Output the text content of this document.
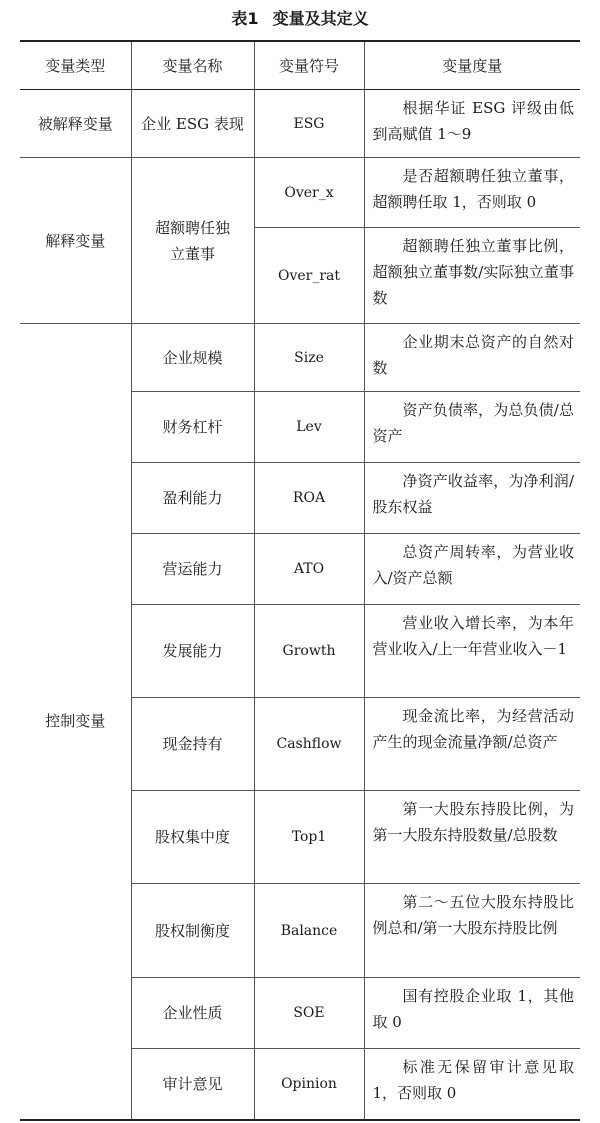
表1 变量及其定义
变量类型	变量名称	变量符号	变量度量
被解释变量	企业 ESG 表现	ESG	根据华证 ESG 评级由低到高赋值 1～9

解释变量	超额聘任独立董事	Over_x	是否超额聘任独立董事，超额聘任取 1，否则取 0

		Over_rat	超额聘任独立董事比例，超额独立董事数/实际独立董事数

控制变量	企业规模	Size	企业期末总资产的自然对数

	财务杠杆	Lev	资产负债率，为总负债/总资产

	盈利能力	ROA	净资产收益率，为净利润/股东权益

	营运能力	ATO	总资产周转率，为营业收入/资产总额

	发展能力	Growth	营业收入增长率，为本年营业收入/上一年营业收入－1

	现金持有	Cashflow	现金流比率，为经营活动产生的现金流量净额/总资产

	股权集中度	Top1	第一大股东持股比例，为第一大股东持股数量/总股数

	股权制衡度	Balance	第二～五位大股东持股比例总和/第一大股东持股比例

	企业性质	SOE	国有控股企业取 1，其他取 0

	审计意见	Opinion	标准无保留审计意见取 1，否则取 0
